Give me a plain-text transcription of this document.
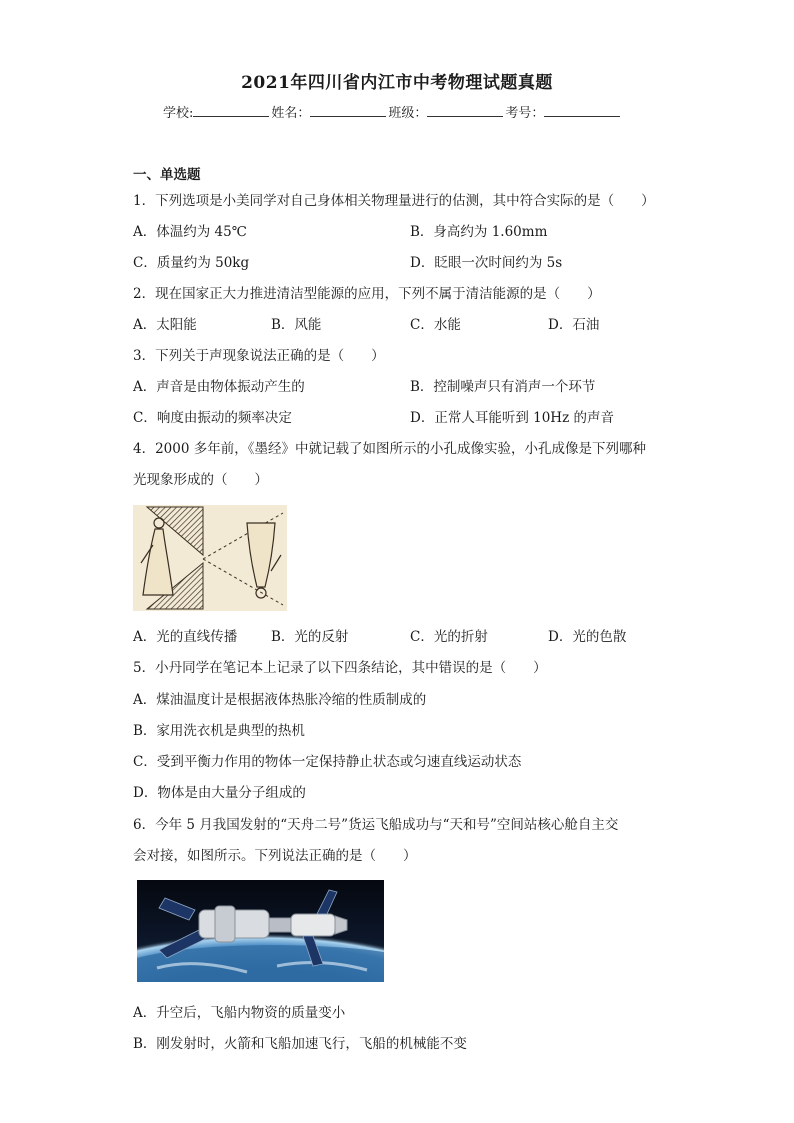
2021年四川省内江市中考物理试题真题
学校:	姓名：	班级：	考号：
一、单选题
1．下列选项是小美同学对自己身体相关物理量进行的估测，其中符合实际的是（　　）
A．体温约为 45℃	B．身高约为 1.60mm
C．质量约为 50kg	D．眨眼一次时间约为 5s
2．现在国家正大力推进清洁型能源的应用，下列不属于清洁能源的是（　　）
A．太阳能	B．风能	C．水能	D．石油
3．下列关于声现象说法正确的是（　　）
A．声音是由物体振动产生的	B．控制噪声只有消声一个环节
C．响度由振动的频率决定	D．正常人耳能听到 10Hz 的声音
4．2000 多年前，《墨经》中就记载了如图所示的小孔成像实验，小孔成像是下列哪种
光现象形成的（　　）
A．光的直线传播	B．光的反射	C．光的折射	D．光的色散
5．小丹同学在笔记本上记录了以下四条结论，其中错误的是（　　）
A．煤油温度计是根据液体热胀冷缩的性质制成的
B．家用洗衣机是典型的热机
C．受到平衡力作用的物体一定保持静止状态或匀速直线运动状态
D．物体是由大量分子组成的
6．今年 5 月我国发射的“天舟二号”货运飞船成功与“天和号”空间站核心舱自主交
会对接，如图所示。下列说法正确的是（　　）
A．升空后，飞船内物资的质量变小
B．刚发射时，火箭和飞船加速飞行，飞船的机械能不变
